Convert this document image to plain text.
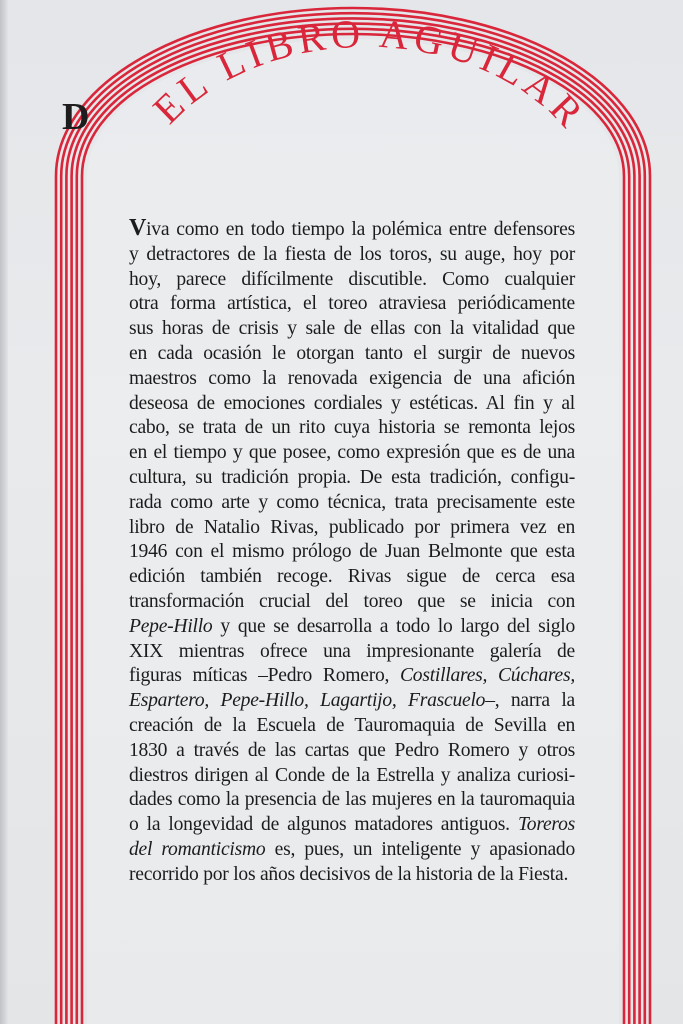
EL LIBRO AGUILAR
D
Viva como en todo tiempo la polémica entre defensores
y detractores de la fiesta de los toros, su auge, hoy por
hoy, parece difícilmente discutible. Como cualquier
otra forma artística, el toreo atraviesa periódicamente
sus horas de crisis y sale de ellas con la vitalidad que
en cada ocasión le otorgan tanto el surgir de nuevos
maestros como la renovada exigencia de una afición
deseosa de emociones cordiales y estéticas. Al fin y al
cabo, se trata de un rito cuya historia se remonta lejos
en el tiempo y que posee, como expresión que es de una
cultura, su tradición propia. De esta tradición, configu-
rada como arte y como técnica, trata precisamente este
libro de Natalio Rivas, publicado por primera vez en
1946 con el mismo prólogo de Juan Belmonte que esta
edición también recoge. Rivas sigue de cerca esa
transformación crucial del toreo que se inicia con
Pepe-Hillo y que se desarrolla a todo lo largo del siglo
XIX mientras ofrece una impresionante galería de
figuras míticas –Pedro Romero, Costillares, Cúchares,
Espartero, Pepe-Hillo, Lagartijo, Frascuelo–, narra la
creación de la Escuela de Tauromaquia de Sevilla en
1830 a través de las cartas que Pedro Romero y otros
diestros dirigen al Conde de la Estrella y analiza curiosi-
dades como la presencia de las mujeres en la tauromaquia
o la longevidad de algunos matadores antiguos. Toreros
del romanticismo es, pues, un inteligente y apasionado
recorrido por los años decisivos de la historia de la Fiesta.
